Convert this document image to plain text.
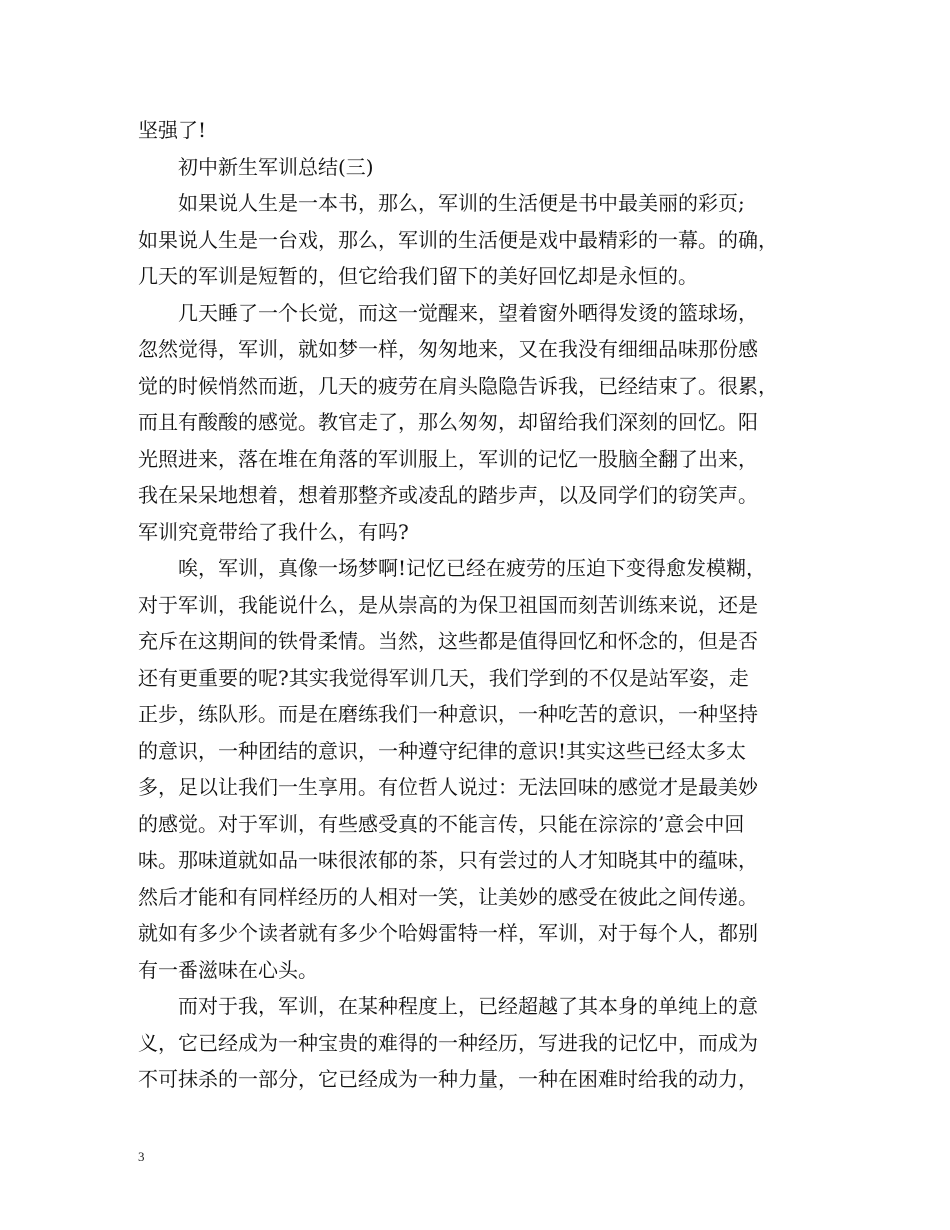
坚强了!

初中新生军训总结(三)

如果说人生是一本书，那么，军训的生活便是书中最美丽的彩页;
如果说人生是一台戏，那么，军训的生活便是戏中最精彩的一幕。的确，
几天的军训是短暂的，但它给我们留下的美好回忆却是永恒的。

几天睡了一个长觉，而这一觉醒来，望着窗外晒得发烫的篮球场，
忽然觉得，军训，就如梦一样，匆匆地来，又在我没有细细品味那份感
觉的时候悄然而逝，几天的疲劳在肩头隐隐告诉我，已经结束了。很累，
而且有酸酸的感觉。教官走了，那么匆匆，却留给我们深刻的回忆。阳
光照进来，落在堆在角落的军训服上，军训的记忆一股脑全翻了出来，
我在呆呆地想着，想着那整齐或凌乱的踏步声，以及同学们的窃笑声。
军训究竟带给了我什么，有吗?

唉，军训，真像一场梦啊!记忆已经在疲劳的压迫下变得愈发模糊，
对于军训，我能说什么，是从崇高的为保卫祖国而刻苦训练来说，还是
充斥在这期间的铁骨柔情。当然，这些都是值得回忆和怀念的，但是否
还有更重要的呢?其实我觉得军训几天，我们学到的不仅是站军姿，走
正步，练队形。而是在磨练我们一种意识，一种吃苦的意识，一种坚持
的意识，一种团结的意识，一种遵守纪律的意识!其实这些已经太多太
多，足以让我们一生享用。有位哲人说过：无法回味的感觉才是最美妙
的感觉。对于军训，有些感受真的不能言传，只能在淙淙的’意会中回
味。那味道就如品一味很浓郁的茶，只有尝过的人才知晓其中的蕴味，
然后才能和有同样经历的人相对一笑，让美妙的感受在彼此之间传递。
就如有多少个读者就有多少个哈姆雷特一样，军训，对于每个人，都别
有一番滋味在心头。

而对于我，军训，在某种程度上，已经超越了其本身的单纯上的意
义，它已经成为一种宝贵的难得的一种经历，写进我的记忆中，而成为
不可抹杀的一部分，它已经成为一种力量，一种在困难时给我的动力，

3
